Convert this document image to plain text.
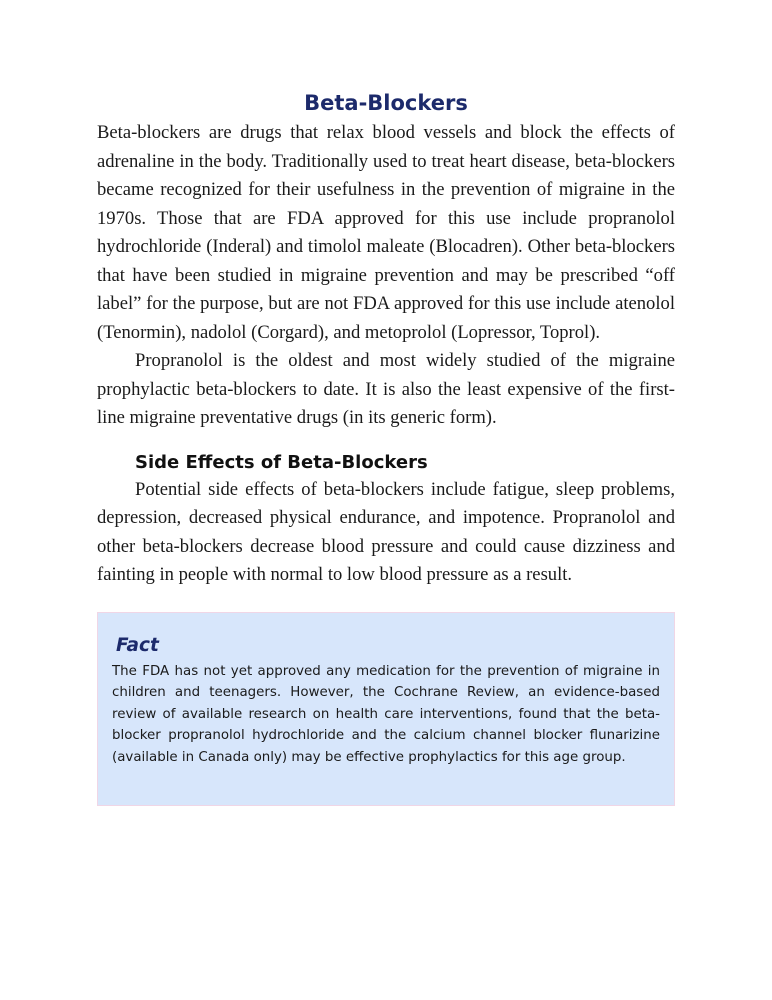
Beta-Blockers

Beta-blockers are drugs that relax blood vessels and block the effects of adrenaline in the body. Traditionally used to treat heart disease, beta-blockers became recognized for their usefulness in the prevention of migraine in the 1970s. Those that are FDA approved for this use include propranolol hydrochloride (Inderal) and timolol maleate (Blocadren). Other beta-blockers that have been studied in migraine prevention and may be prescribed “off label” for the purpose, but are not FDA approved for this use include atenolol (Tenormin), nadolol (Corgard), and metoprolol (Lopressor, Toprol).

Propranolol is the oldest and most widely studied of the migraine prophylactic beta-blockers to date. It is also the least expensive of the first-line migraine preventative drugs (in its generic form).

Side Effects of Beta-Blockers

Potential side effects of beta-blockers include fatigue, sleep problems, depression, decreased physical endurance, and impotence. Propranolol and other beta-blockers decrease blood pressure and could cause dizziness and fainting in people with normal to low blood pressure as a result.

Fact

The FDA has not yet approved any medication for the prevention of migraine in children and teenagers. However, the Cochrane Review, an evidence-based review of available research on health care interventions, found that the beta-blocker propranolol hydrochloride and the calcium channel blocker flunarizine (available in Canada only) may be effective prophylactics for this age group.
